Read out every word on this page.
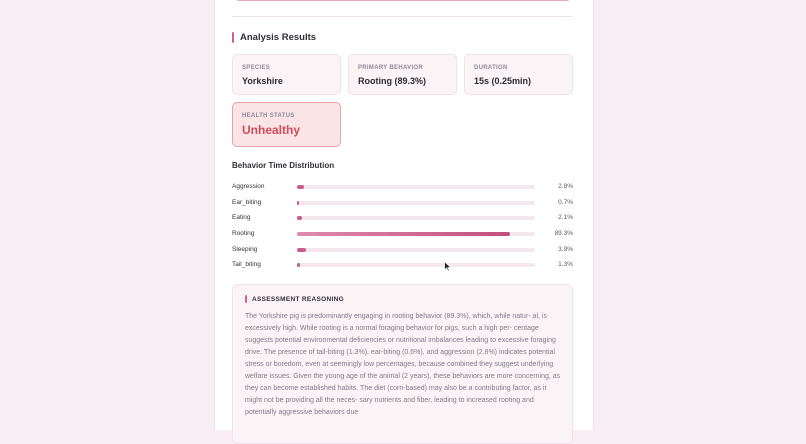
Analysis Results
SPECIES
Yorkshire
PRIMARY BEHAVIOR
Rooting (89.3%)
DURATION
15s (0.25min)
HEALTH STATUS
Unhealthy
Behavior Time Distribution
Aggression	2.8%
Ear_biting	0.7%
Eating	2.1%
Rooting	89.3%
Sleeping	3.9%
Tail_biting	1.3%
ASSESSMENT REASONING
The Yorkshire pig is predominantly engaging in rooting behavior (89.3%), which, while natur- al, is excessively high. While rooting is a normal foraging behavior for pigs, such a high per- centage suggests potential environmental deficiencies or nutritional imbalances leading to excessive foraging drive. The presence of tail-biting (1.3%), ear-biting (0.6%), and aggression (2.8%) indicates potential stress or boredom, even at seemingly low percentages, because combined they suggest underlying welfare issues. Given the young age of the animal (2 years), these behaviors are more concerning, as they can become established habits. The diet (corn-based) may also be a contributing factor, as it might not be providing all the neces- sary nutrients and fiber, leading to increased rooting and potentially aggressive behaviors due
